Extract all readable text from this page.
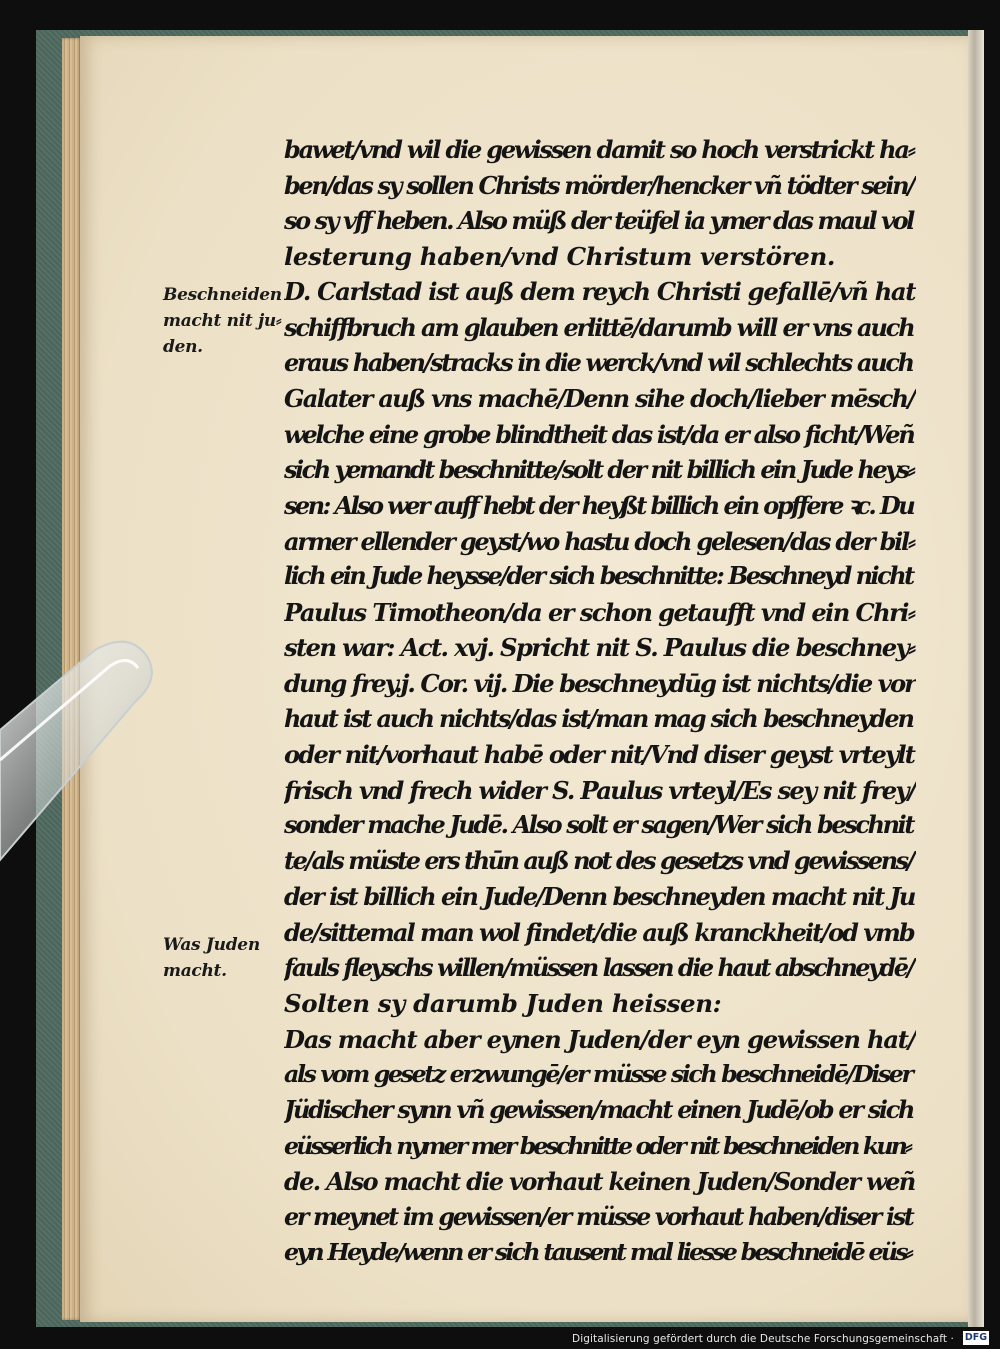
Beschneiden
macht nit ju⸗
den.
Was Juden
macht.
bawet/vnd wil die gewissen damit so hoch verstrickt ha⸗
ben/das sy sollen Christs mörder/hencker vñ tödter sein/
so sy vff heben. Also müß der teüfel ia ymer das maul vol
lesterung haben/vnd Christum verstören.
D. Carlstad ist auß dem reych Christi gefallē/vñ hat
schiffbruch am glauben erlittē/darumb will er vns auch
eraus haben/stracks in die werck/vnd wil schlechts auch
Galater auß vns machē/Denn sihe doch/lieber mēsch/
welche eine grobe blindtheit das ist/da er also ficht/Weñ
sich yemandt beschnitte/solt der nit billich ein Jude heys⸗
sen: Also wer auff hebt der heyßt billich ein opffere ꝛc. Du
armer ellender geyst/wo hastu doch gelesen/das der bil⸗
lich ein Jude heysse/der sich beschnitte: Beschneyd nicht
Paulus Timotheon/da er schon getaufft vnd ein Chri⸗
sten war: Act. xvj. Spricht nit S. Paulus die beschney⸗
dung frey.j. Cor. vij. Die beschneydūg ist nichts/die vor
haut ist auch nichts/das ist/man mag sich beschneyden
oder nit/vorhaut habē oder nit/Vnd diser geyst vrteylt
frisch vnd frech wider S. Paulus vrteyl/Es sey nit frey/
sonder mache Judē. Also solt er sagen/Wer sich beschnit
te/als müste ers thūn auß not des gesetzs vnd gewissens/
der ist billich ein Jude/Denn beschneyden macht nit Ju
de/sittemal man wol findet/die auß kranckheit/od vmb
fauls fleyschs willen/müssen lassen die haut abschneydē/
Solten sy darumb Juden heissen:
Das macht aber eynen Juden/der eyn gewissen hat/
als vom gesetz erzwungē/er müsse sich beschneidē/Diser
Jüdischer synn vñ gewissen/macht einen Judē/ob er sich
eüsserlich nymer mer beschnitte oder nit beschneiden kun⸗
de. Also macht die vorhaut keinen Juden/Sonder weñ
er meynet im gewissen/er müsse vorhaut haben/diser ist
eyn Heyde/wenn er sich tausent mal liesse beschneidē eüs⸗
Digitalisierung gefördert durch die Deutsche Forschungsgemeinschaft · DFG
